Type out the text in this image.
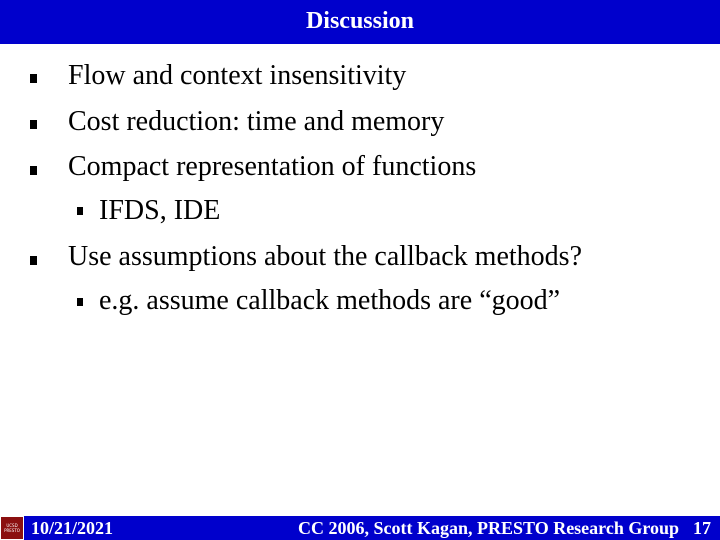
Discussion
Flow and context insensitivity
Cost reduction: time and memory
Compact representation of functions
IFDS, IDE
Use assumptions about the callback methods?
e.g. assume callback methods are “good”
UCSD
PRESTO 10/21/2021	CC 2006, Scott Kagan, PRESTO Research Group 17
